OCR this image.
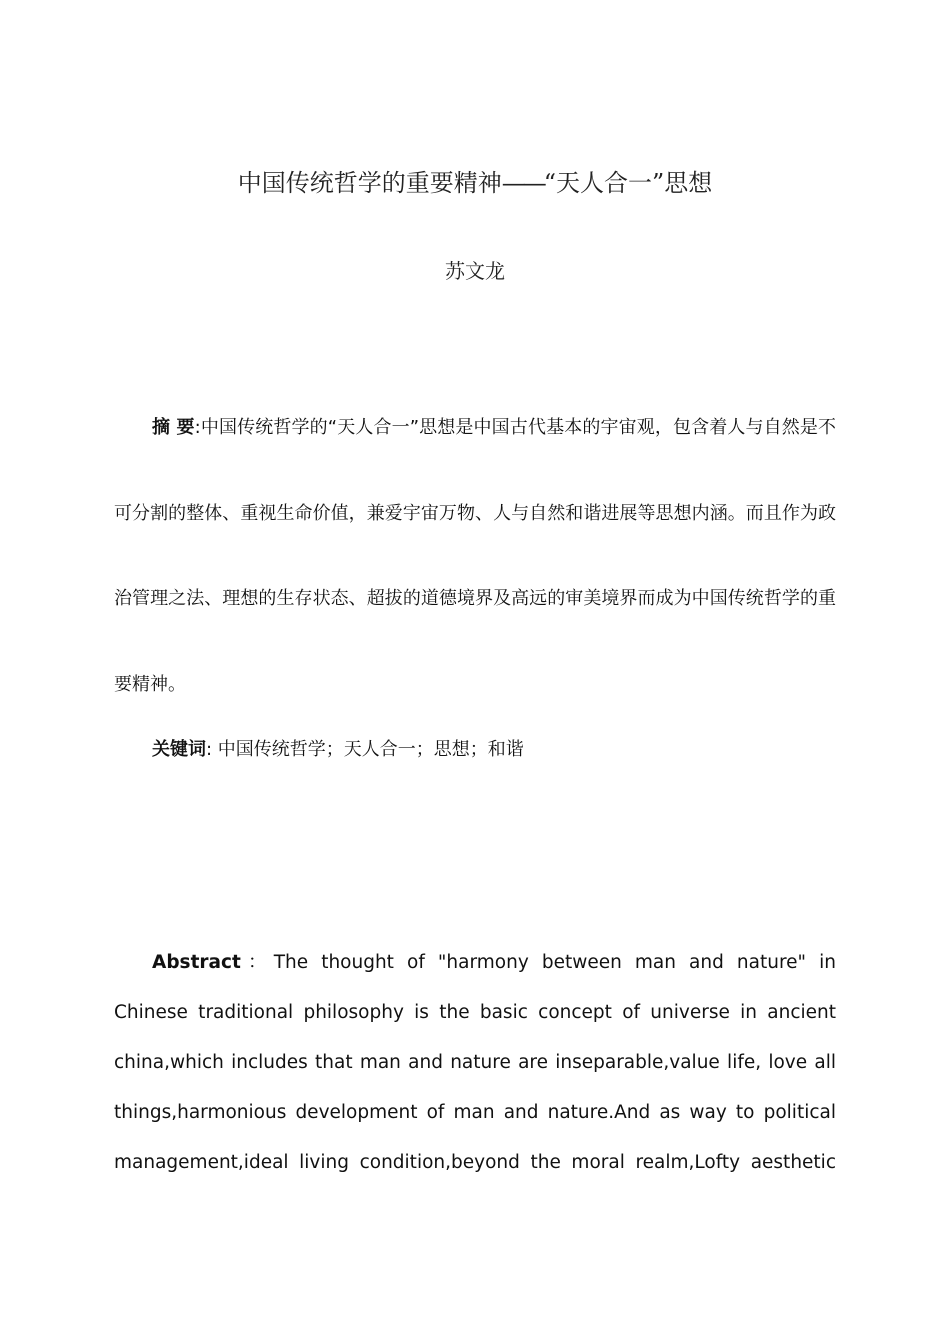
中国传统哲学的重要精神——“天人合一”思想
苏文龙
摘 要:中国传统哲学的“天人合一”思想是中国古代基本的宇宙观，包含着人与自然是不可分割的整体、重视生命价值，兼爱宇宙万物、人与自然和谐进展等思想内涵。而且作为政治管理之法、理想的生存状态、超拔的道德境界及高远的审美境界而成为中国传统哲学的重要精神。
关键词: 中国传统哲学；天人合一；思想；和谐
Abstract：The thought of "harmony between man and nature" in Chinese traditional philosophy is the basic concept of universe in ancient china,which includes that man and nature are inseparable,value life, love all things,harmonious development of man and nature.And as way to political management,ideal living condition,beyond the moral realm,Lofty aesthetic
